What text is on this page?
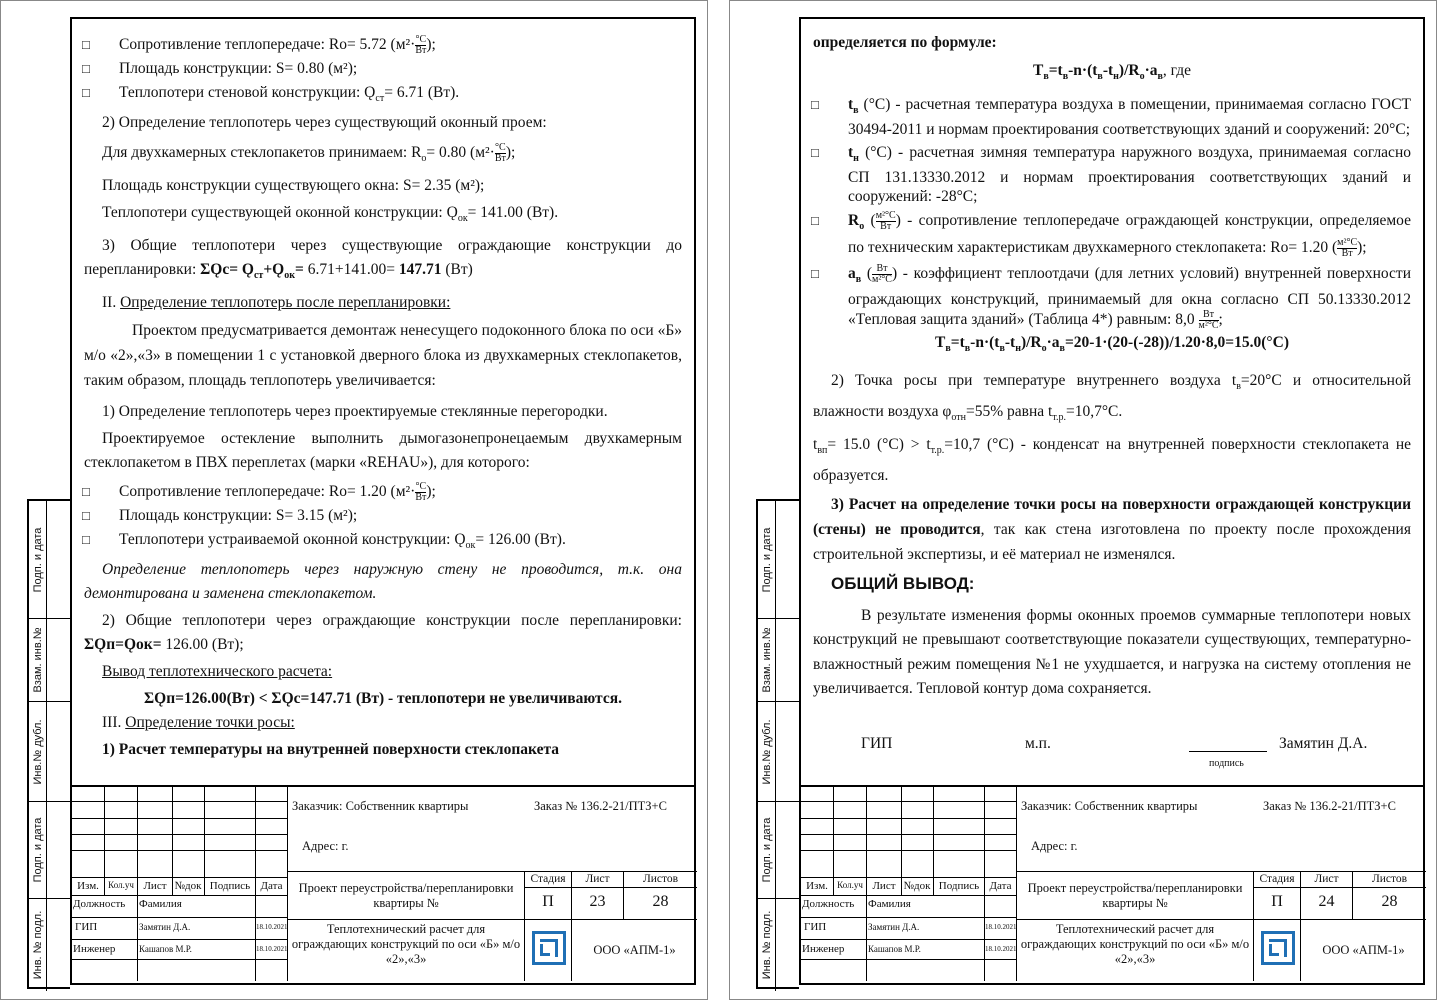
Подп. и дата
Взам. инв.№
Инв.№ дубл.
Подп. и дата
Инв. № подл.

□ Сопротивление теплопередаче: Ro= 5.72 ($м^2\cdot \frac{^\circ С}{Вт}$ );

□ Площадь конструкции: S= 0.80 (м²);

□ Теплопотери стеновой конструкции: $Ǫ_{ст}= 6.71$ (Вт).

2) Определение теплопотерь через существующий оконный проем:

Для двухкамерных стеклопакетов принимаем: $R_о= 0.80$ ($м^2\cdot \frac{^\circ С}{Вт}$ );

Площадь конструкции существующего окна: S= 2.35 (м²);

Теплопотери существующей оконной конструкции: $Ǫ_{ок}= 141.00$ (Вт).

3) Общие теплопотери через существующие ограждающие конструкции до перепланировки: ΣǪс= $Ǫ_{ст}+Ǫ_{ок}= 6.71+141.00= 147.71$ (Вт)

II. Определение теплопотерь после перепланировки:

Проектом предусматривается демонтаж ненесущего подоконного блока по оси «Б» м/о «2»,«3» в помещении 1 с установкой дверного блока из двухкамерных стеклопакетов, таким образом, площадь теплопотерь увеличивается:

1) Определение теплопотерь через проектируемые стеклянные перегородки.

Проектируемое остекление выполнить дымогазонепронецаемым двухкамерным стеклопакетом в ПВХ переплетах (марки «REHAU»), для которого:

□ Сопротивление теплопередаче: Ro= 1.20 ($м^2\cdot \frac{^\circ С}{Вт}$ );

□ Площадь конструкции: S= 3.15 (м²);

□ Теплопотери устраиваемой оконной конструкции: $Ǫ_{ок}= 126.00$ (Вт).

Определение теплопотерь через наружную стену не проводится, т.к. она демонтирована и заменена стеклопакетом.

2) Общие теплопотери через ограждающие конструкции после перепланировки: ΣǪп=Ǫок= 126.00 (Вт);

Вывод теплотехнического расчета:

ΣǪп=126.00(Вт) < ΣǪс=147.71 (Вт) - теплопотери не увеличиваются.

III. Определение точки росы:

1) Расчет температуры на внутренней поверхности стеклопакета

Изм.	Кол.уч Лист №док Подпись Дата
Должность Фамилия
ГИП	Замятин Д.А.	18.10.2021
Инженер	Кашапов М.Р.	18.10.2021
Заказчик: Собственник квартиры	Заказ № 136.2-21/ПТЗ+С
Адрес: г.
Проект переустройства/перепланировки квартиры №
Стадия	Лист	Листов
П	23	28
Теплотехнический расчет для ограждающих конструкций по оси «Б» м/о «2»,«3»
ООО «АПМ-1»
Подп. и дата
Взам. инв.№
Инв.№ дубл.
Подп. и дата
Инв. № подл.

определяется по формуле:

$Т_в=t_в-n\cdot(t_в-t_н)/R_о\cdot a_в$, где

□ $t_в$ (°С) - расчетная температура воздуха в помещении, принимаемая согласно ГОСТ 30494-2011 и нормам проектирования соответствующих зданий и сооружений: 20°С;

□ $t_н$ (°С) - расчетная зимняя температура наружного воздуха, принимаемая согласно СП 131.13330.2012 и нормам проектирования соответствующих зданий и сооружений: -28°С;

□ $R_о$ ( $\frac{\text{м²°С}}{Вт}$ ) - сопротивление теплопередаче ограждающей конструкции, определяемое по техническим характеристикам двухкамерного стеклопакета: Ro= 1.20 ( $\frac{\text{м²°С}}{Вт}$ );

□ $a_в$ ( $\frac{Вт}{\text{м²°С}}$ ) - коэффициент теплоотдачи (для летних условий) внутренней поверхности ограждающих конструкций, принимаемый для окна согласно СП 50.13330.2012 «Тепловая защита зданий» (Таблица 4*) равным: $8,0 \frac{Вт}{\text{м²°С}}$ ;

$Т_в=t_в-n\cdot(t_в-t_н)/R_о\cdot a_в=20-1\cdot(20-(-28))/1.20\cdot 8,0=15.0(^\circ С)$

2) Точка росы при температуре внутреннего воздуха $t_в=20^\circ С$ и относительной влажности воздуха $\varphi_{отн}=55\%$ равна $t_{т.р.}=10,7^\circ С$.

$t_{вп}= 15.0$ $(^\circ С) > t_{т.р.}=10,7$ (°С) - конденсат на внутренней поверхности стеклопакета не образуется.

3) Расчет на определение точки росы на поверхности ограждающей конструкции (стены) не проводится, так как стена изготовлена по проекту после прохождения строительной экспертизы, и её материал не изменялся.

ОБЩИЙ ВЫВОД:

В результате изменения формы оконных проемов суммарные теплопотери новых конструкций не превышают соответствующие показатели существующих, температурно-влажностный режим помещения №1 не ухудшается, и нагрузка на систему отопления не увеличивается. Тепловой контур дома сохраняется.

ГИП	м.п.	Замятин Д.А.
подпись
Изм.	Кол.уч Лист №док Подпись Дата
Должность Фамилия
ГИП	Замятин Д.А.	18.10.2021
Инженер	Кашапов М.Р.	18.10.2021
Заказчик: Собственник квартиры	Заказ № 136.2-21/ПТЗ+С
Адрес: г.
Проект переустройства/перепланировки квартиры №
Стадия	Лист	Листов
П	24	28
Теплотехнический расчет для ограждающих конструкций по оси «Б» м/о «2»,«3»
ООО «АПМ-1»
